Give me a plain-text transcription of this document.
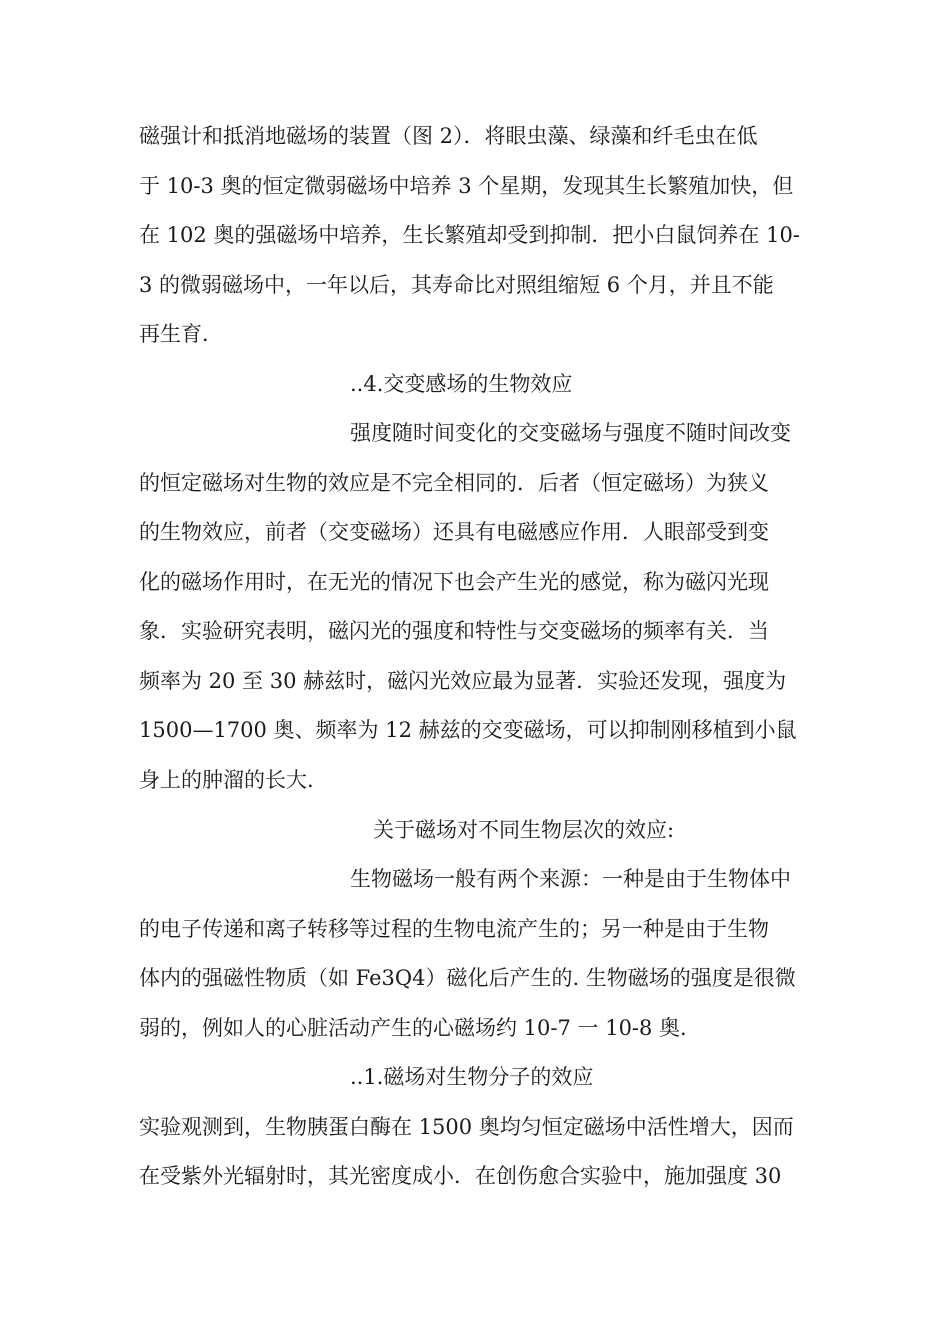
磁强计和抵消地磁场的装置（图 2）．将眼虫藻、绿藻和纤毛虫在低
于 10-3 奥的恒定微弱磁场中培养 3 个星期，发现其生长繁殖加快，但
在 102 奥的强磁场中培养，生长繁殖却受到抑制．把小白鼠饲养在 10-
3 的微弱磁场中，一年以后，其寿命比对照组缩短 6 个月，并且不能
再生育.
..4.交变感场的生物效应
强度随时间变化的交变磁场与强度不随时间改变
的恒定磁场对生物的效应是不完全相同的．后者（恒定磁场）为狭义
的生物效应，前者（交变磁场）还具有电磁感应作用．人眼部受到变
化的磁场作用时，在无光的情况下也会产生光的感觉，称为磁闪光现
象．实验研究表明，磁闪光的强度和特性与交变磁场的频率有关．当
频率为 20 至 30 赫兹时，磁闪光效应最为显著．实验还发现，强度为
1500—1700 奥、频率为 12 赫兹的交变磁场，可以抑制刚移植到小鼠
身上的肿溜的长大.
关于磁场对不同生物层次的效应:
生物磁场一般有两个来源：一种是由于生物体中
的电子传递和离子转移等过程的生物电流产生的；另一种是由于生物
体内的强磁性物质（如 Fe3Q4）磁化后产生的. 生物磁场的强度是很微
弱的，例如人的心脏活动产生的心磁场约 10-7 一 10-8 奥.
..1.磁场对生物分子的效应
实验观测到，生物胰蛋白酶在 1500 奥均匀恒定磁场中活性增大，因而
在受紫外光辐射时，其光密度成小．在创伤愈合实验中，施加强度 30
